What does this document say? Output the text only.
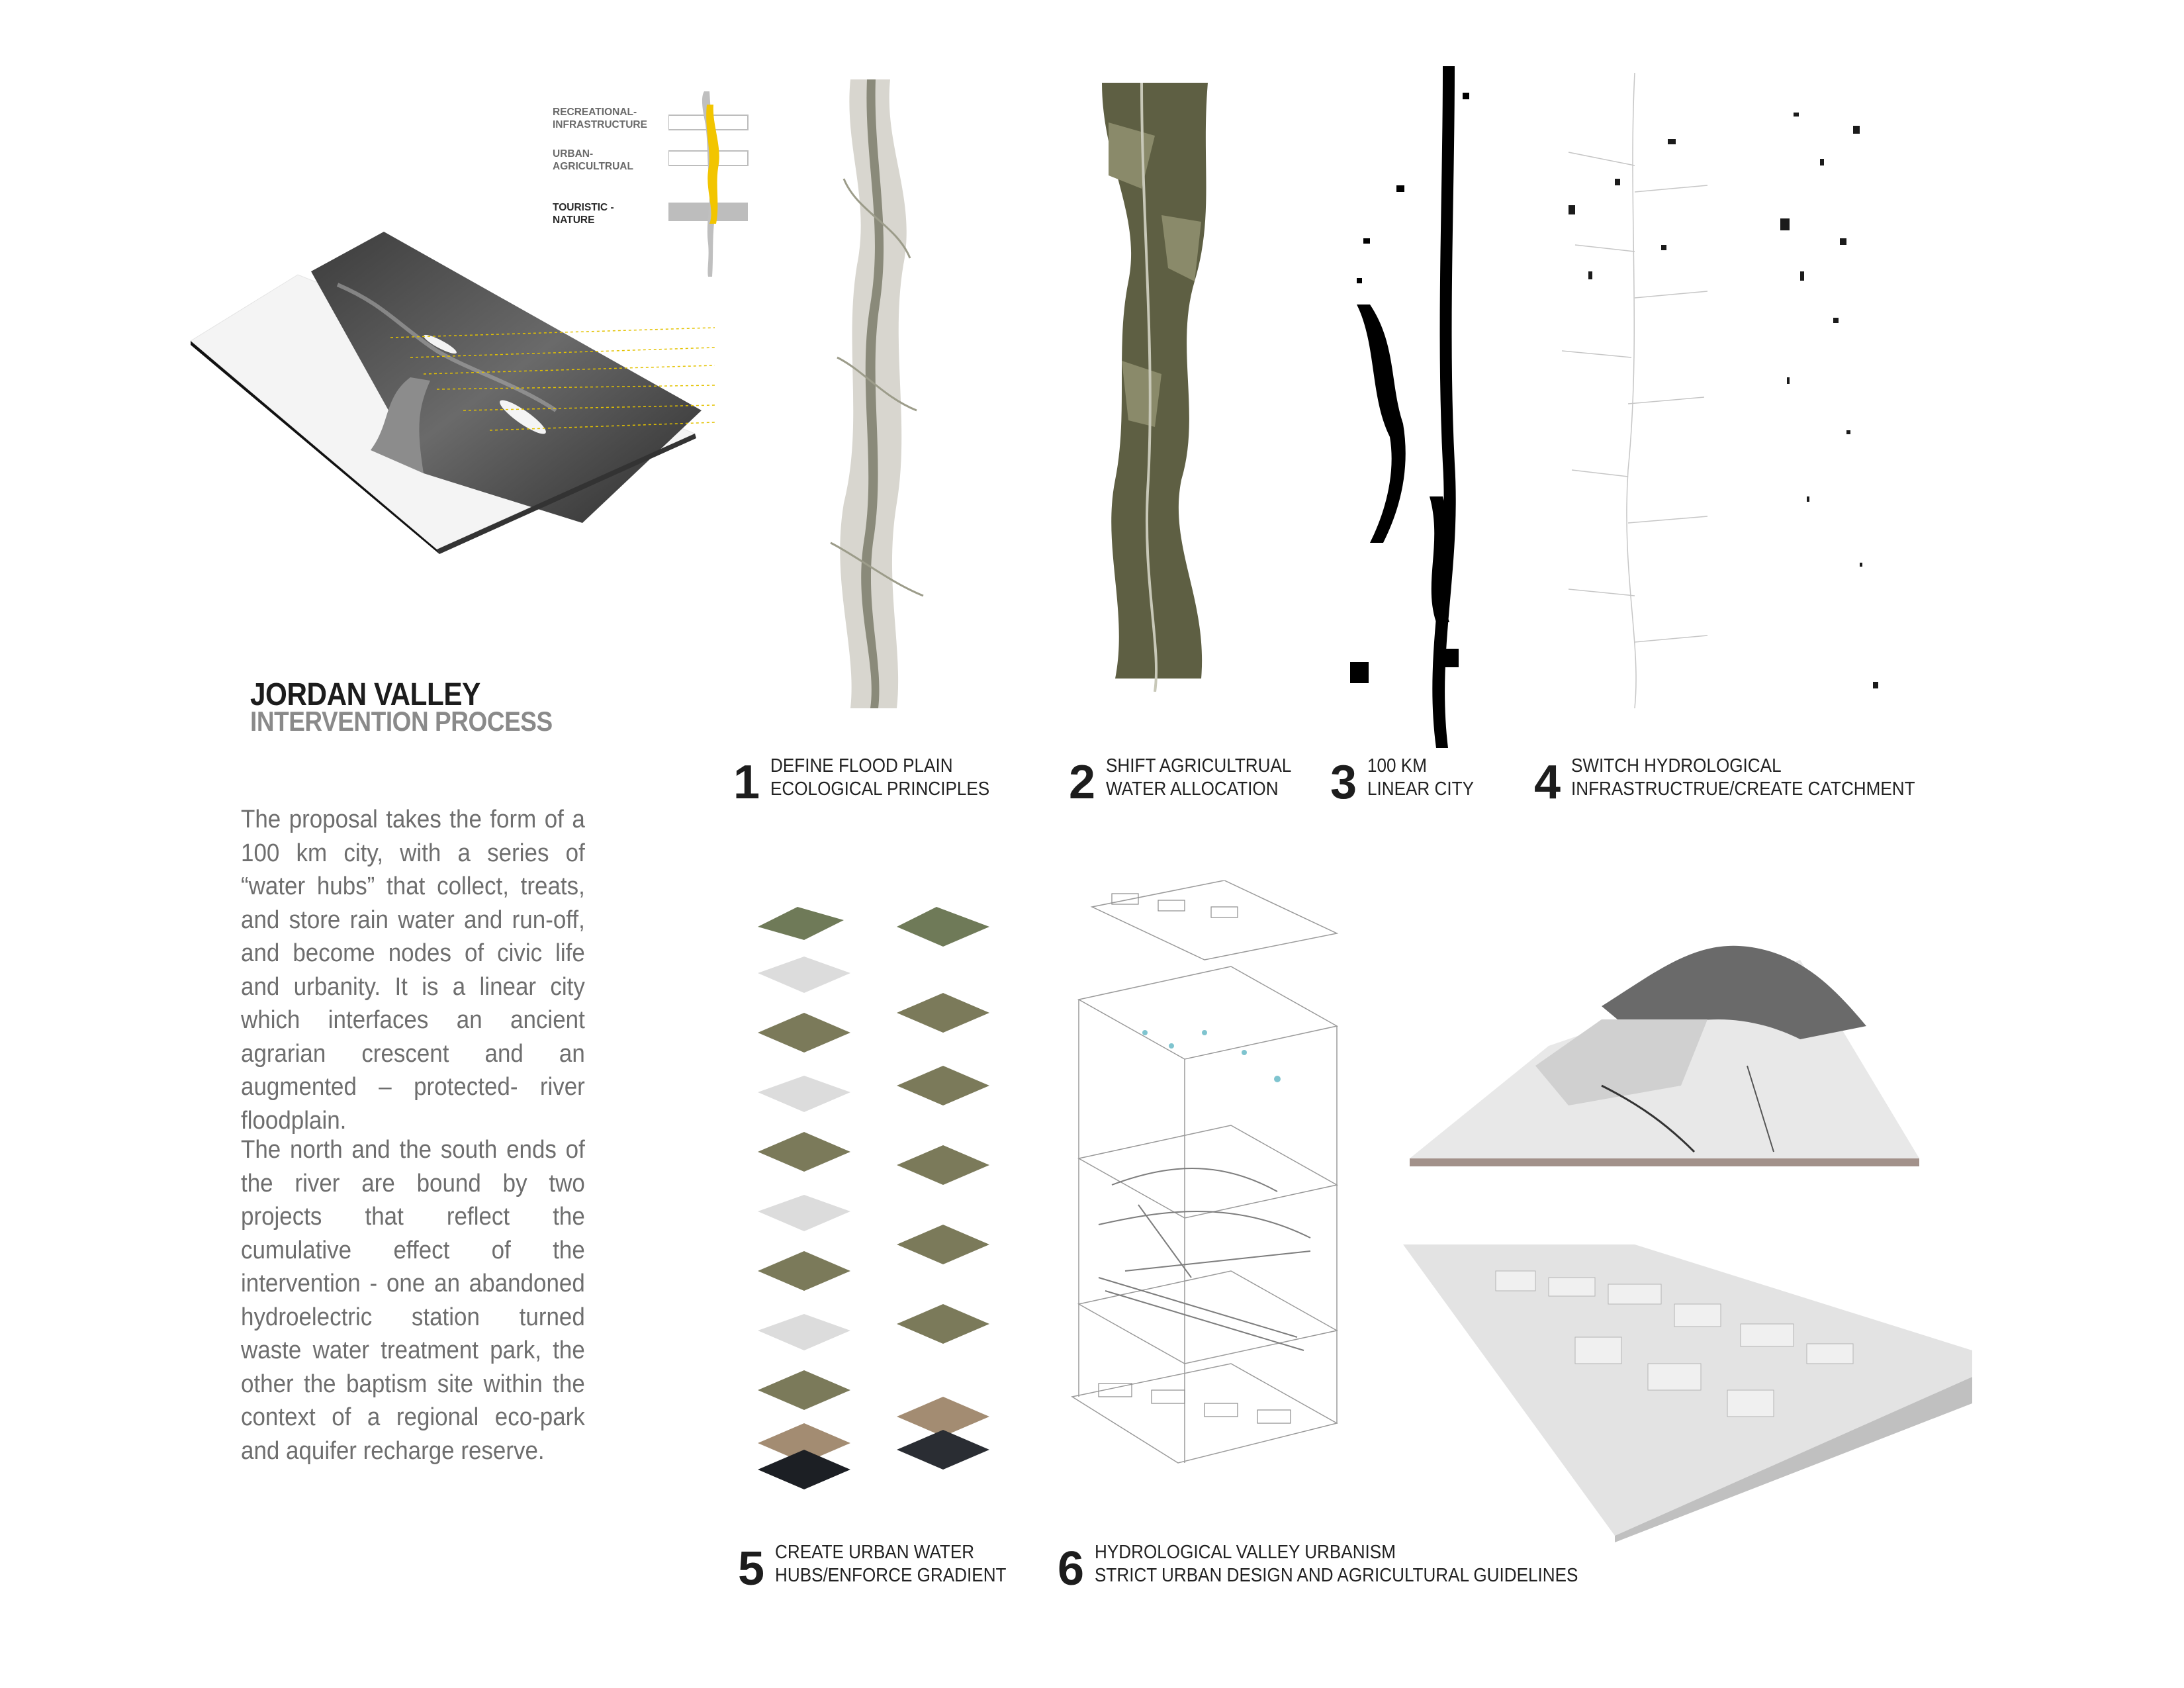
RECREATIONAL-
INFRASTRUCTURE
URBAN-
AGRICULTRUAL
TOURISTIC -
NATURE
JORDAN VALLEY
INTERVENTION PROCESS
The proposal takes the form of a 100 km city, with a series of “water hubs” that collect, treats, and store rain water and run-off, and become nodes of civic life and urbanity. It is a linear city which interfaces an ancient agrarian crescent and an augmented – protected- river floodplain.
The north and the south ends of the river are bound by two projects that reflect the cumulative effect of the intervention - one an abandoned hydroelectric station turned waste water treatment park, the other the baptism site within the context of a regional eco-park and aquifer recharge reserve.
1 DEFINE FLOOD PLAIN
ECOLOGICAL PRINCIPLES 2 SHIFT AGRICULTRUAL
WATER ALLOCATION 3 100 KM
LINEAR CITY 4 SWITCH HYDROLOGICAL
INFRASTRUCTRUE/CREATE CATCHMENT
5 CREATE URBAN WATER
HUBS/ENFORCE GRADIENT 6 HYDROLOGICAL VALLEY URBANISM
STRICT URBAN DESIGN AND AGRICULTURAL GUIDELINES
